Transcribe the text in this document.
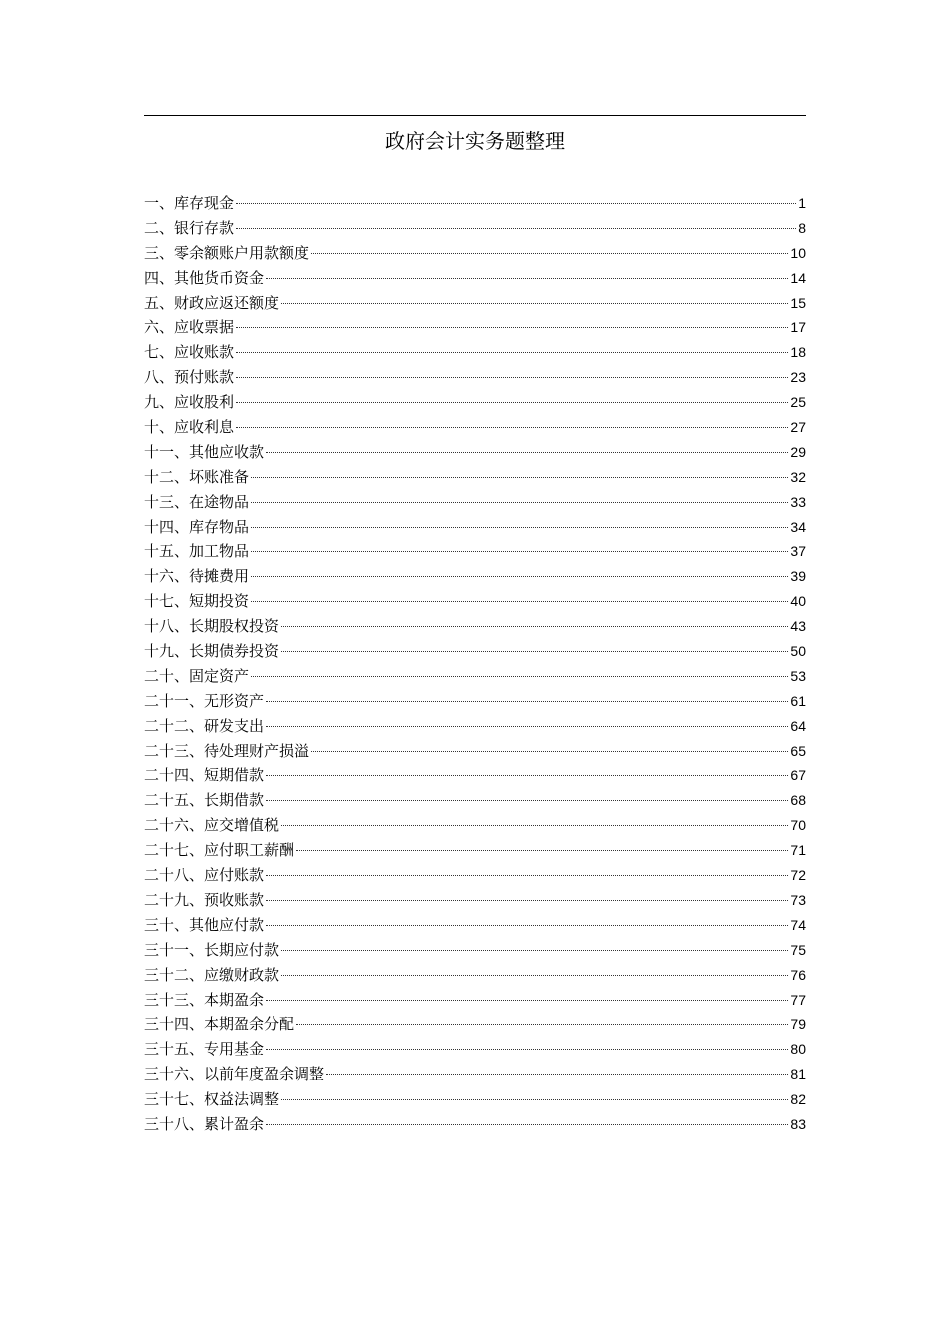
政府会计实务题整理
一、库存现金	1
二、银行存款	8
三、零余额账户用款额度	10
四、其他货币资金	14
五、财政应返还额度	15
六、应收票据	17
七、应收账款	18
八、预付账款	23
九、应收股利	25
十、应收利息	27
十一、其他应收款	29
十二、坏账准备	32
十三、在途物品	33
十四、库存物品	34
十五、加工物品	37
十六、待摊费用	39
十七、短期投资	40
十八、长期股权投资	43
十九、长期债券投资	50
二十、固定资产	53
二十一、无形资产	61
二十二、研发支出	64
二十三、待处理财产损溢	65
二十四、短期借款	67
二十五、长期借款	68
二十六、应交增值税	70
二十七、应付职工薪酬	71
二十八、应付账款	72
二十九、预收账款	73
三十、其他应付款	74
三十一、长期应付款	75
三十二、应缴财政款	76
三十三、本期盈余	77
三十四、本期盈余分配	79
三十五、专用基金	80
三十六、以前年度盈余调整	81
三十七、权益法调整	82
三十八、累计盈余	83
